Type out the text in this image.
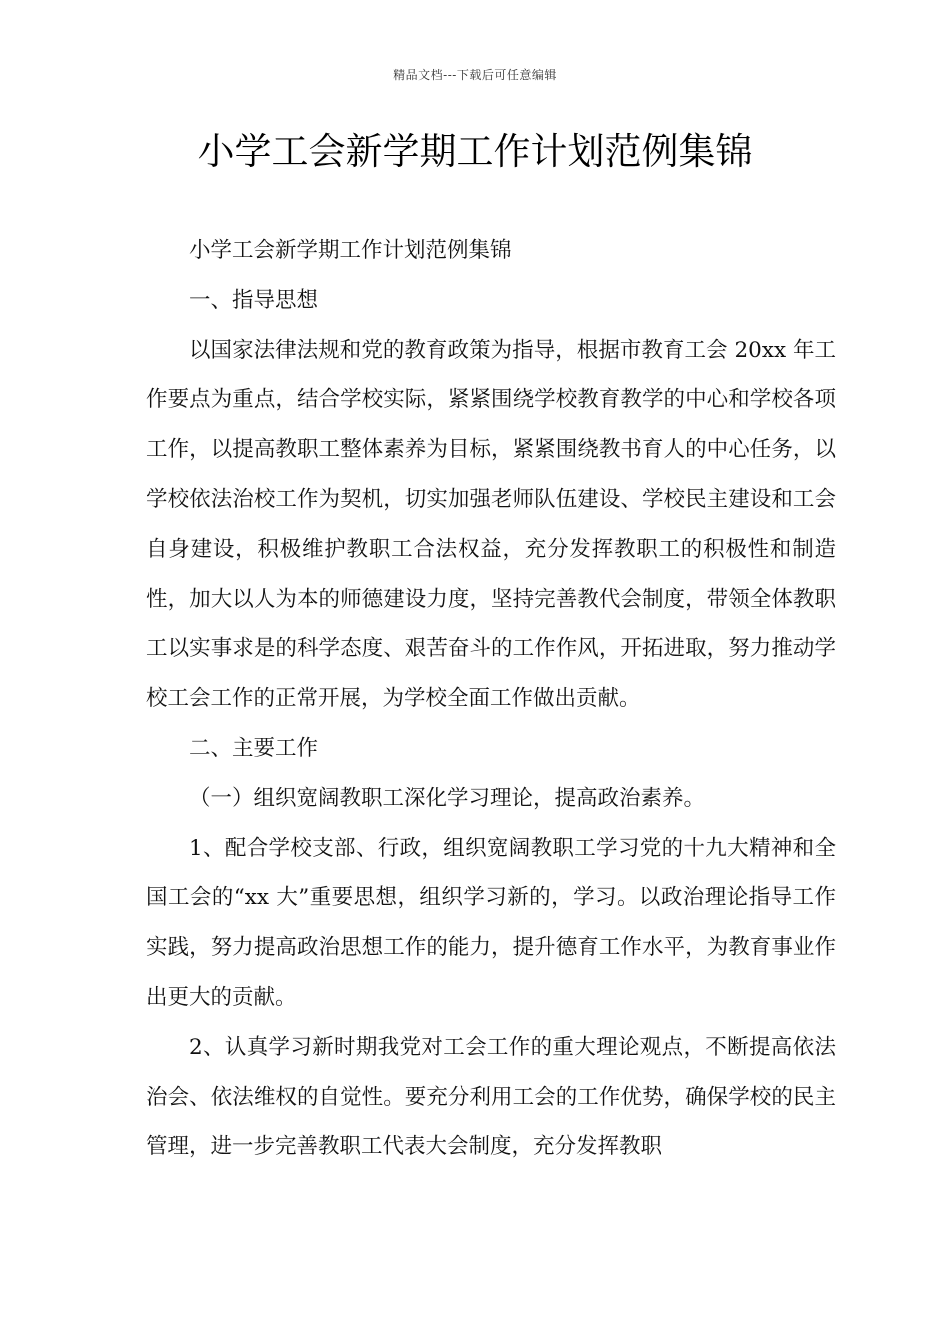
精品文档---下载后可任意编辑
小学工会新学期工作计划范例集锦

小学工会新学期工作计划范例集锦

一、指导思想

以国家法律法规和党的教育政策为指导，根据市教育工会 20xx 年工作要点为重点，结合学校实际，紧紧围绕学校教育教学的中心和学校各项工作，以提高教职工整体素养为目标，紧紧围绕教书育人的中心任务，以学校依法治校工作为契机，切实加强老师队伍建设、学校民主建设和工会自身建设，积极维护教职工合法权益，充分发挥教职工的积极性和制造性，加大以人为本的师德建设力度，坚持完善教代会制度，带领全体教职工以实事求是的科学态度、艰苦奋斗的工作作风，开拓进取，努力推动学校工会工作的正常开展，为学校全面工作做出贡献。

二、主要工作

（一）组织宽阔教职工深化学习理论，提高政治素养。

1、配合学校支部、行政，组织宽阔教职工学习党的十九大精神和全国工会的“xx 大”重要思想，组织学习新的，学习。以政治理论指导工作实践，努力提高政治思想工作的能力，提升德育工作水平，为教育事业作出更大的贡献。

2、认真学习新时期我党对工会工作的重大理论观点，不断提高依法治会、依法维权的自觉性。要充分利用工会的工作优势，确保学校的民主管理，进一步完善教职工代表大会制度，充分发挥教职
